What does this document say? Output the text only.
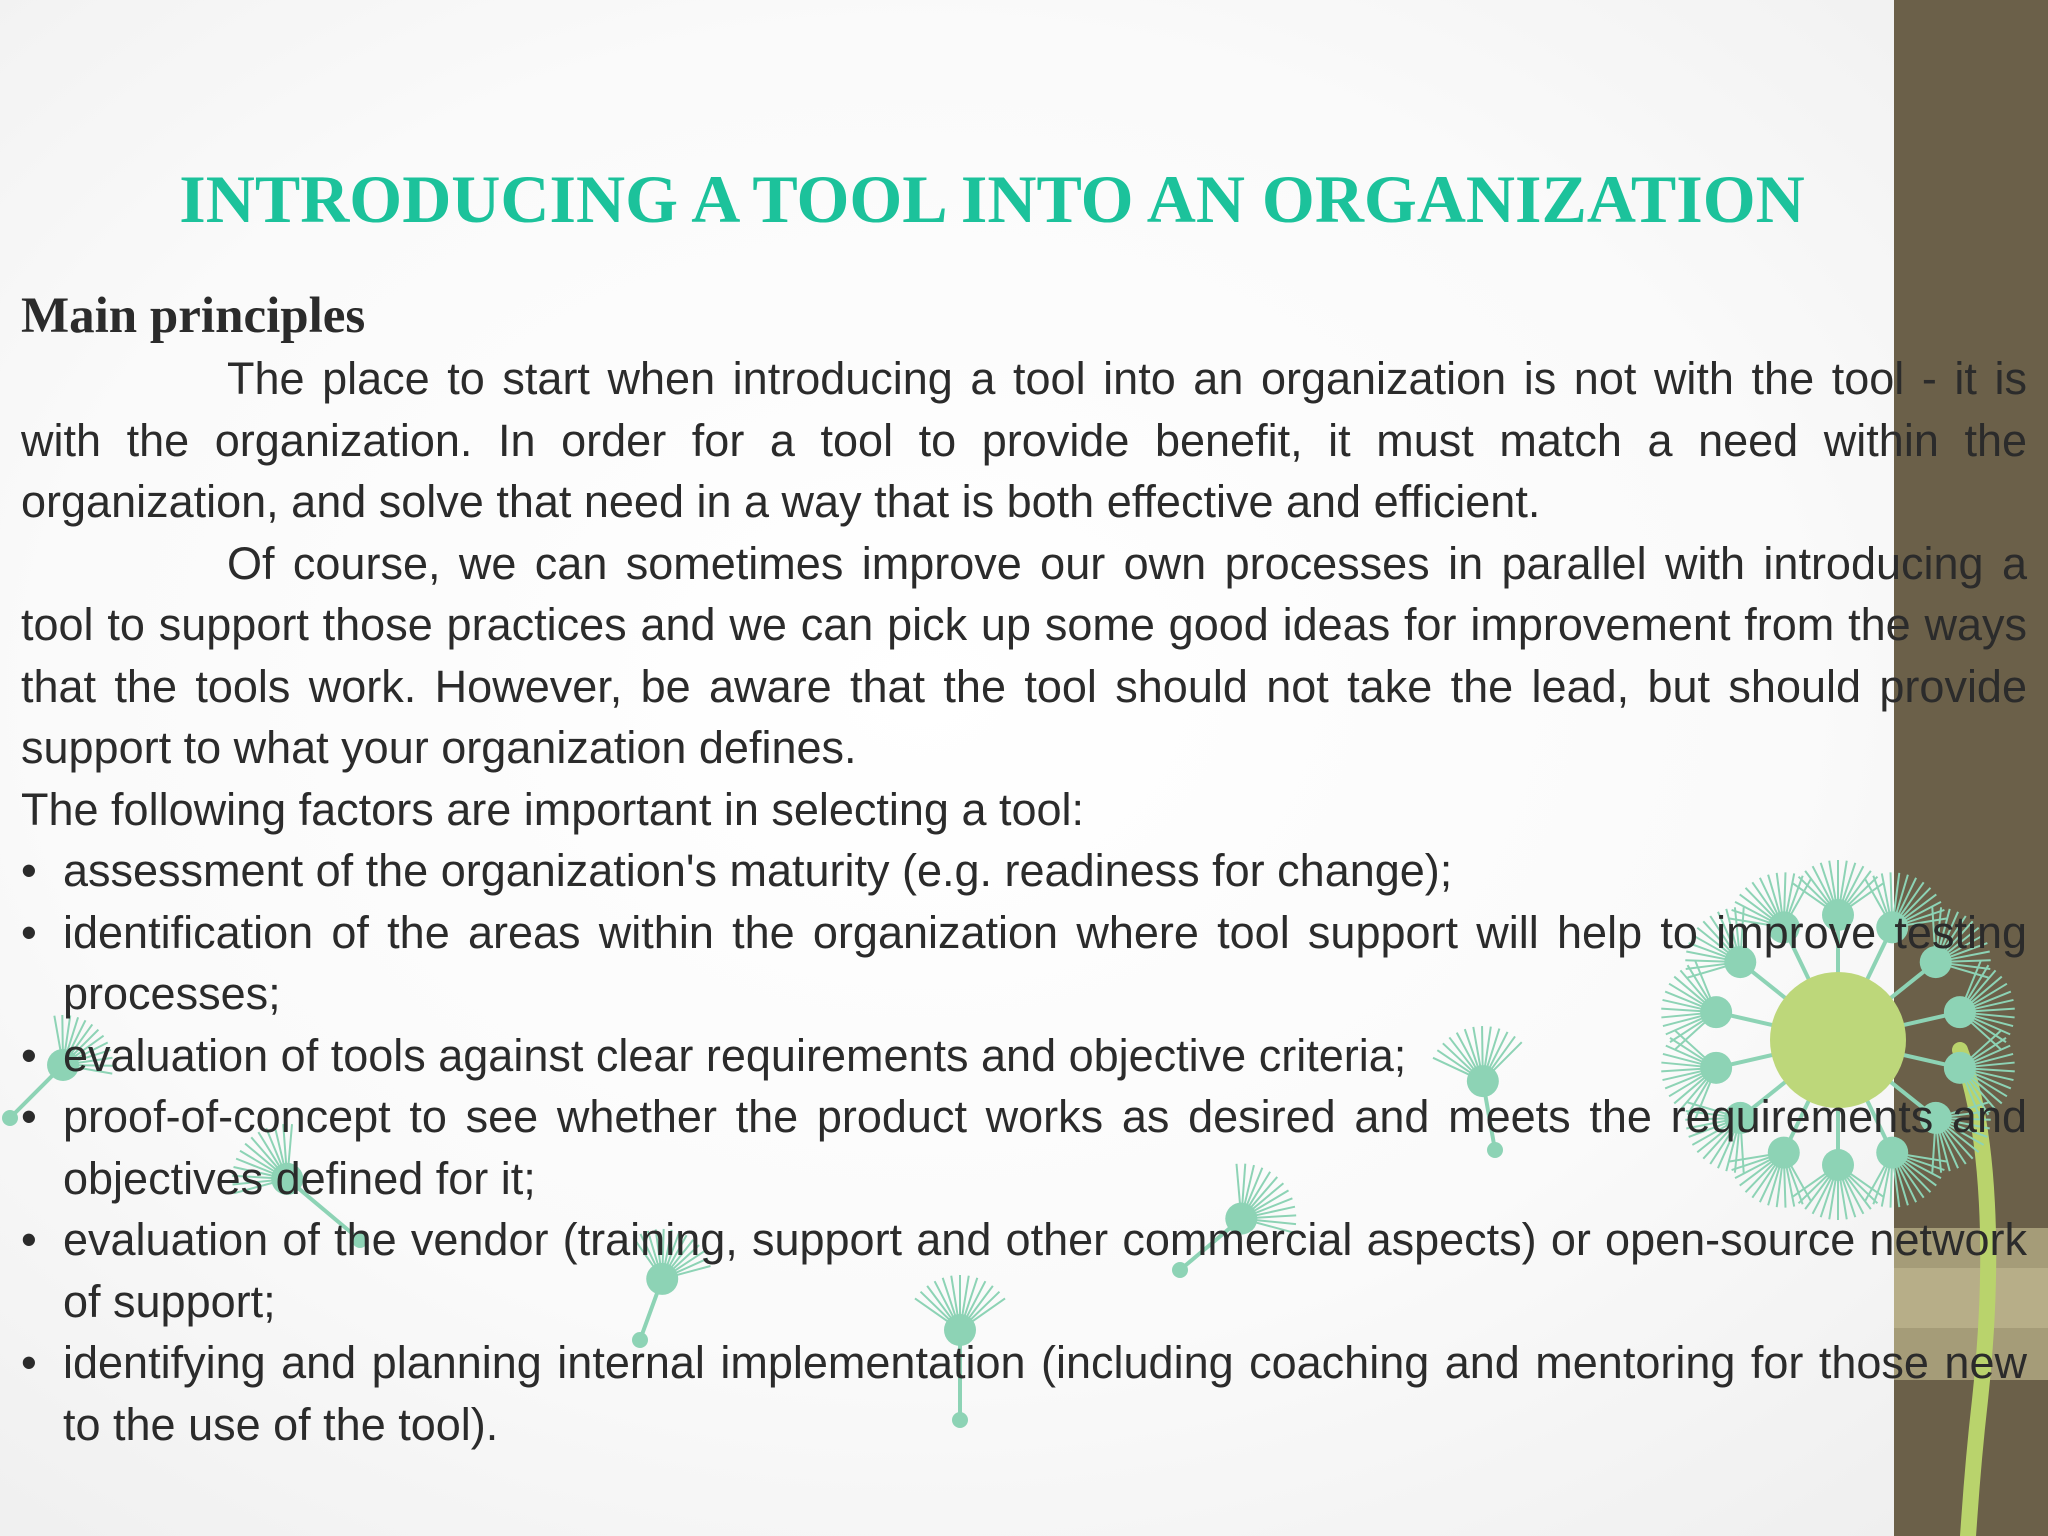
INTRODUCING A TOOL INTO AN ORGANIZATION

Main principles

The place to start when introducing a tool into an organization is not with the tool - it is with the organization. In order for a tool to provide benefit, it must match a need within the organization, and solve that need in a way that is both effective and efficient.

Of course, we can sometimes improve our own processes in parallel with introducing a tool to support those practices and we can pick up some good ideas for improvement from the ways that the tools work. However, be aware that the tool should not take the lead, but should provide support to what your organization defines.

The following factors are important in selecting a tool:

• assessment of the organization's maturity (e.g. readiness for change);
• identification of the areas within the organization where tool support will help to improve testing processes;
• evaluation of tools against clear requirements and objective criteria;
• proof-of-concept to see whether the product works as desired and meets the requirements and objectives defined for it;
• evaluation of the vendor (training, support and other commercial aspects) or open-source network of support;
• identifying and planning internal implementation (including coaching and mentoring for those new to the use of the tool).
